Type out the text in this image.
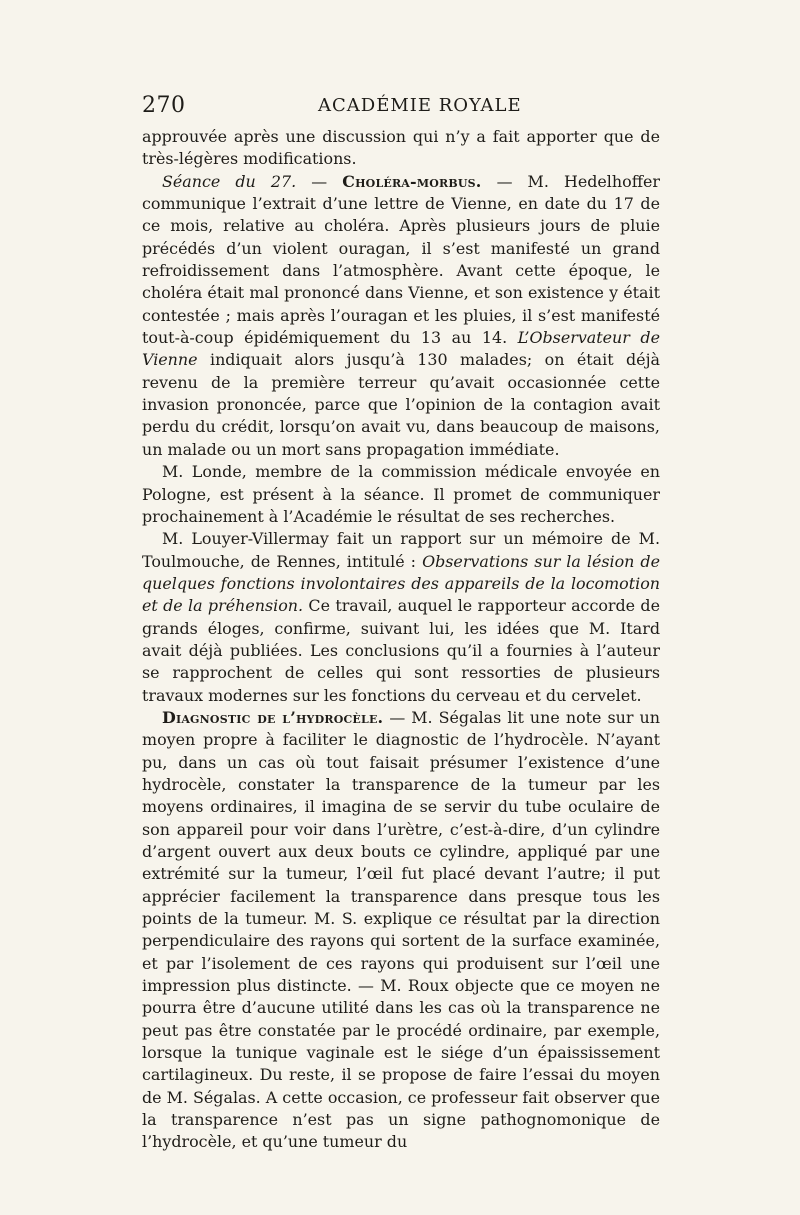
270	ACADÉMIE ROYALE

approuvée après une discussion qui n’y a fait apporter que de très-légères modifications.

Séance du 27. — Choléra-morbus. — M. Hedelhoffer communique l’extrait d’une lettre de Vienne, en date du 17 de ce mois, relative au choléra. Après plusieurs jours de pluie précédés d’un violent ouragan, il s’est manifesté un grand refroidissement dans l’atmosphère. Avant cette époque, le choléra était mal prononcé dans Vienne, et son existence y était contestée ; mais après l’ouragan et les pluies, il s’est manifesté tout-à-coup épidémiquement du 13 au 14. L’Observateur de Vienne indiquait alors jusqu’à 130 malades; on était déjà revenu de la première terreur qu’avait occasionnée cette invasion prononcée, parce que l’opinion de la contagion avait perdu du crédit, lorsqu’on avait vu, dans beaucoup de maisons, un malade ou un mort sans propagation immédiate.

M. Londe, membre de la commission médicale envoyée en Pologne, est présent à la séance. Il promet de communiquer prochainement à l’Académie le résultat de ses recherches.

M. Louyer-Villermay fait un rapport sur un mémoire de M. Toulmouche, de Rennes, intitulé : Observations sur la lésion de quelques fonctions involontaires des appareils de la locomotion et de la préhension. Ce travail, auquel le rapporteur accorde de grands éloges, confirme, suivant lui, les idées que M. Itard avait déjà publiées. Les conclusions qu’il a fournies à l’auteur se rapprochent de celles qui sont ressorties de plusieurs travaux modernes sur les fonctions du cerveau et du cervelet.

Diagnostic de l’hydrocèle. — M. Ségalas lit une note sur un moyen propre à faciliter le diagnostic de l’hydrocèle. N’ayant pu, dans un cas où tout faisait présumer l’existence d’une hydrocèle, constater la transparence de la tumeur par les moyens ordinaires, il imagina de se servir du tube oculaire de son appareil pour voir dans l’urètre, c’est-à-dire, d’un cylindre d’argent ouvert aux deux bouts ce cylindre, appliqué par une extrémité sur la tumeur, l’œil fut placé devant l’autre; il put apprécier facilement la transparence dans presque tous les points de la tumeur. M. S. explique ce résultat par la direction perpendiculaire des rayons qui sortent de la surface examinée, et par l’isolement de ces rayons qui produisent sur l’œil une impression plus distincte. — M. Roux objecte que ce moyen ne pourra être d’aucune utilité dans les cas où la transparence ne peut pas être constatée par le procédé ordinaire, par exemple, lorsque la tunique vaginale est le siége d’un épaississement cartilagineux. Du reste, il se propose de faire l’essai du moyen de M. Ségalas. A cette occasion, ce professeur fait observer que la transparence n’est pas un signe pathognomonique de l’hydrocèle, et qu’une tumeur du
